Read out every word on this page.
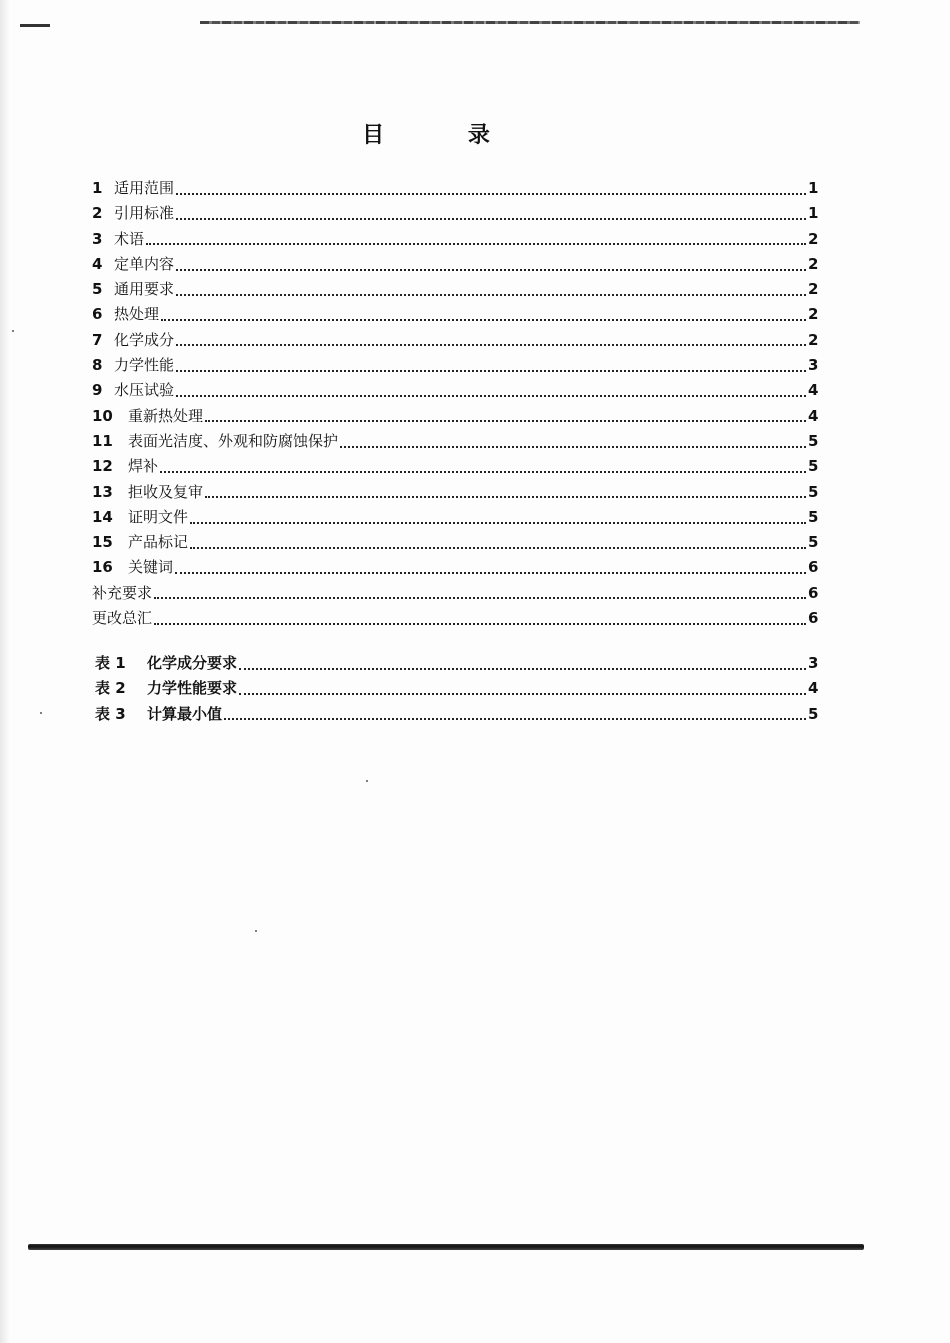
目 录
1 适用范围	1
2 引用标准	1
3 术语	2
4 定单内容	2
5 通用要求	2
6 热处理	2
7 化学成分	2
8 力学性能	3
9 水压试验	4
10	重新热处理	4
11	表面光洁度、外观和防腐蚀保护	5
12	焊补	5
13	拒收及复审	5
14	证明文件	5
15	产品标记	5
16	关键词	6
补充要求	6
更改总汇	6
表 1	化学成分要求	3
表 2	力学性能要求	4
表 3	计算最小值	5
